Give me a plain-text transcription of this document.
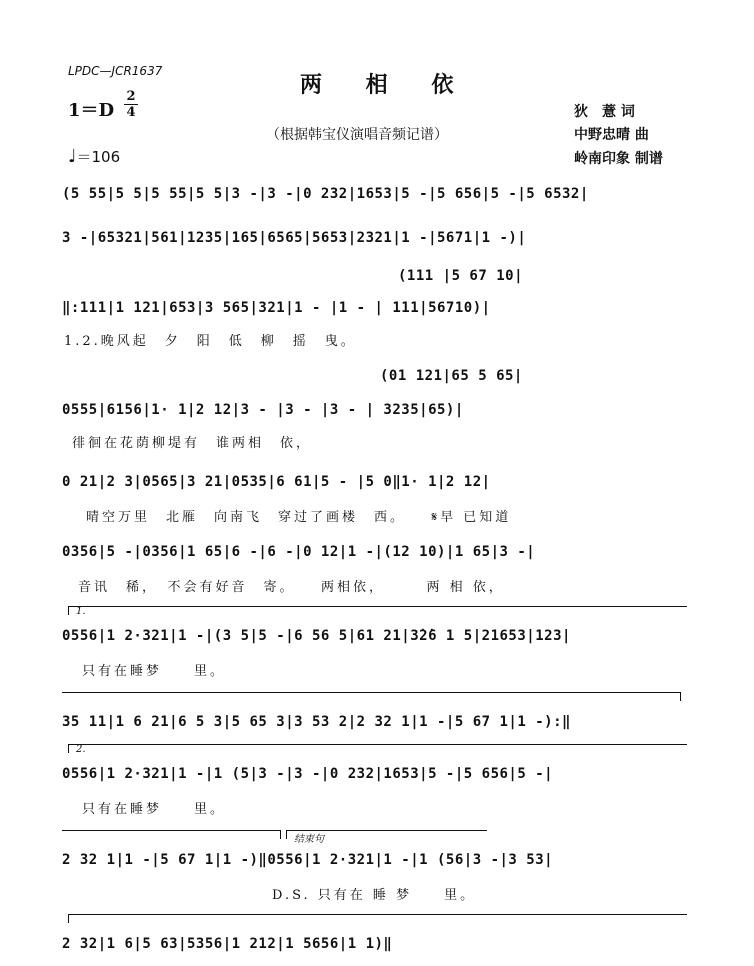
LPDC—JCR1637
两 相 依
1＝D
2
4
♩＝106
（根据韩宝仪演唱音频记谱）
狄　薏 词
中野忠晴 曲
岭南印象 制谱
(5 55|5 5|5 55|5 5|3 -|3 -|0 232|1653|5 -|5 656|5 -|5 6532|
3 -|65321|561|1235|165|6565|5653|2321|1 -|5671|1 -)|
(111 |5 67 10|
‖:111|1 121|653|3 565|321|1 - |1 - | 111|56710)|
1.2.晚风起　夕　阳　低　柳　摇　曳。
(01 121|65 5 65|
0555|6156|1· 1|2 12|3 - |3 - |3 - | 3235|65)|
徘徊在花荫柳堤有　谁两相　依，
0 21|2 3|0565|3 21|0535|6 61|5 - |5 0‖1· 1|2 12|
晴空万里　北雁　向南飞　穿过了画楼　西。　　𝄋早 已知道
0356|5 -|0356|1 65|6 -|6 -|0 12|1 -|(12 10)|1 65|3 -|
音讯　稀，　不会有好音　寄。　　两相依，　　　两 相 依，
1.
0556|1 2·321|1 -|(3 5|5 -|6 56 5|61 21|3̇2̇6 1 5|21653|123|
只有在睡梦　　里。
35 11|1 6 21|6 5 3|5 65 3|3 53 2|2 32 1|1 -|5 67 1|1 -):‖
2.
0556|1 2·321|1 -|1 (5|3 -|3 -|0 232|1653|5 -|5 656|5 -|
只有在睡梦　　里。
结束句
2 32 1|1 -|5 67 1|1 -)‖0556|1 2·321|1 -|1 (56|3 -|3 53|
D.S. 只有在 睡 梦　　里。
2 32|1 6|5 63|5356|1 212|1 5656|1 1)‖
